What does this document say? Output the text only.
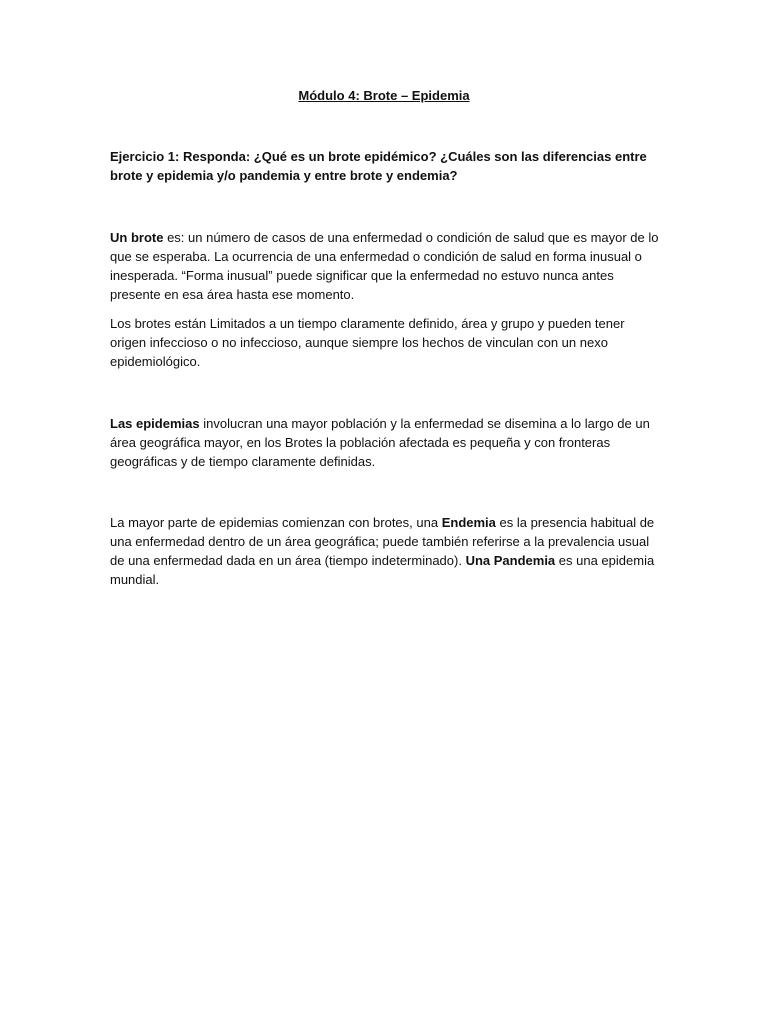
Módulo 4: Brote – Epidemia

Ejercicio 1: Responda: ¿Qué es un brote epidémico? ¿Cuáles son las diferencias entre brote y epidemia y/o pandemia y entre brote y endemia?

Un brote es: un número de casos de una enfermedad o condición de salud que es mayor de lo que se esperaba. La ocurrencia de una enfermedad o condición de salud en forma inusual o inesperada. “Forma inusual” puede significar que la enfermedad no estuvo nunca antes presente en esa área hasta ese momento.

Los brotes están Limitados a un tiempo claramente definido, área y grupo y pueden tener origen infeccioso o no infeccioso, aunque siempre los hechos de vinculan con un nexo epidemiológico.

Las epidemias involucran una mayor población y la enfermedad se disemina a lo largo de un área geográfica mayor, en los Brotes la población afectada es pequeña y con fronteras geográficas y de tiempo claramente definidas.

La mayor parte de epidemias comienzan con brotes, una Endemia es la presencia habitual de una enfermedad dentro de un área geográfica; puede también referirse a la prevalencia usual de una enfermedad dada en un área (tiempo indeterminado). Una Pandemia es una epidemia mundial.
